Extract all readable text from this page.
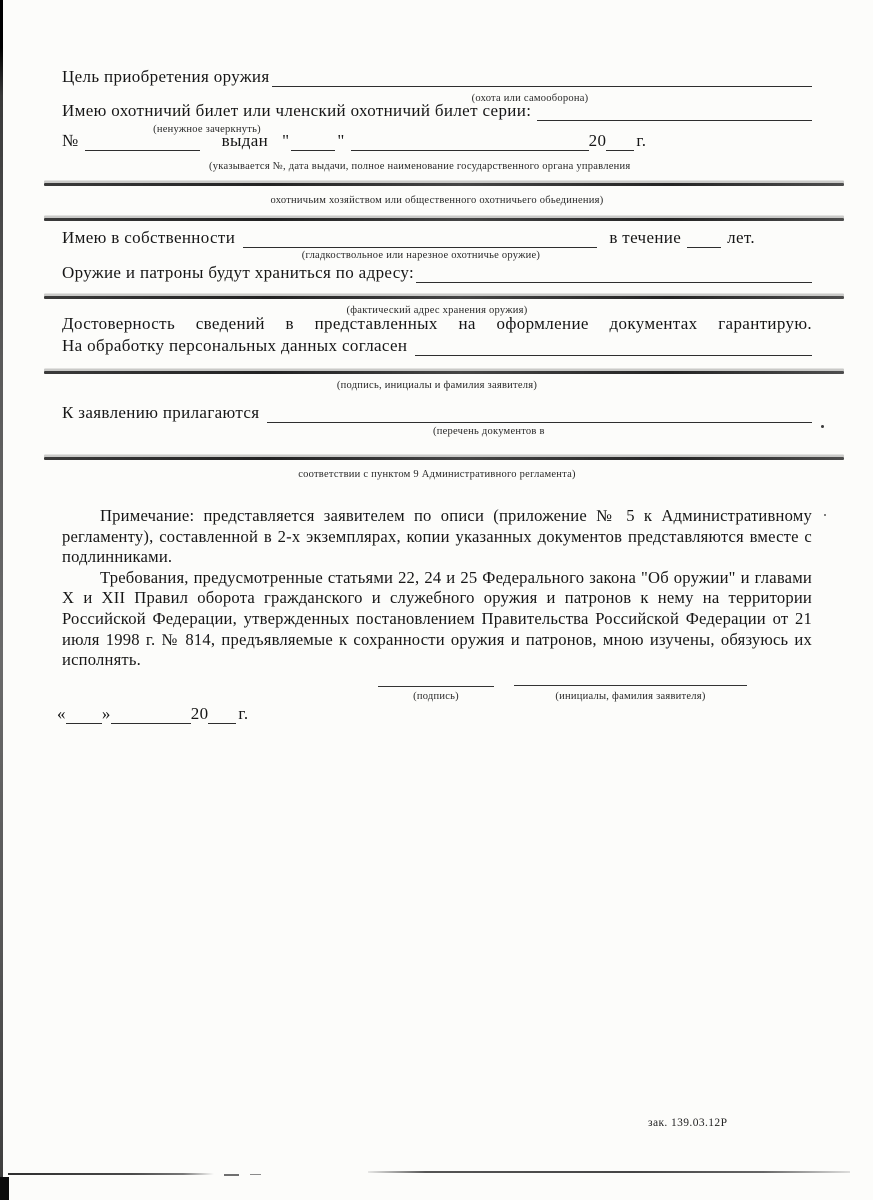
Цель приобретения оружия
(охота или самооборона)
Имею охотничий билет или членский охотничий билет серии:
(ненужное зачеркнуть)
№	выдан "	"	20 г.
(указывается №, дата выдачи, полное наименование государственного органа управления
охотничьим хозяйством или общественного охотничьего обьединения)
Имею в собственности	в течение	лет.
(гладкоствольное или нарезное охотничье оружие)
Оружие и патроны будут храниться по адресу:
(фактический адрес хранения оружия)
Достоверность сведений в представленных на оформление документах гарантирую.
На обработку персональных данных согласен
(подпись, инициалы и фамилия заявителя)
К заявлению прилагаются
(перечень документов в
соответствии с пунктом 9 Административного регламента)

Примечание: представляется заявителем по описи (приложение № 5 к Административному регламенту), составленной в 2-х экземплярах, копии указанных документов представляются вместе с подлинниками.

Требования, предусмотренные статьями 22, 24 и 25 Федерального закона "Об оружии" и главами X и XII Правил оборота гражданского и служебного оружия и патронов к нему на территории Российской Федерации, утвержденных постановлением Правительства Российской Федерации от 21 июля 1998 г. № 814, предъявляемые к сохранности оружия и патронов, мною изучены, обязуюсь их исполнять.

(подпись)	(инициалы, фамилия заявителя)
« »	20 г.
зак. 139.03.12Р
